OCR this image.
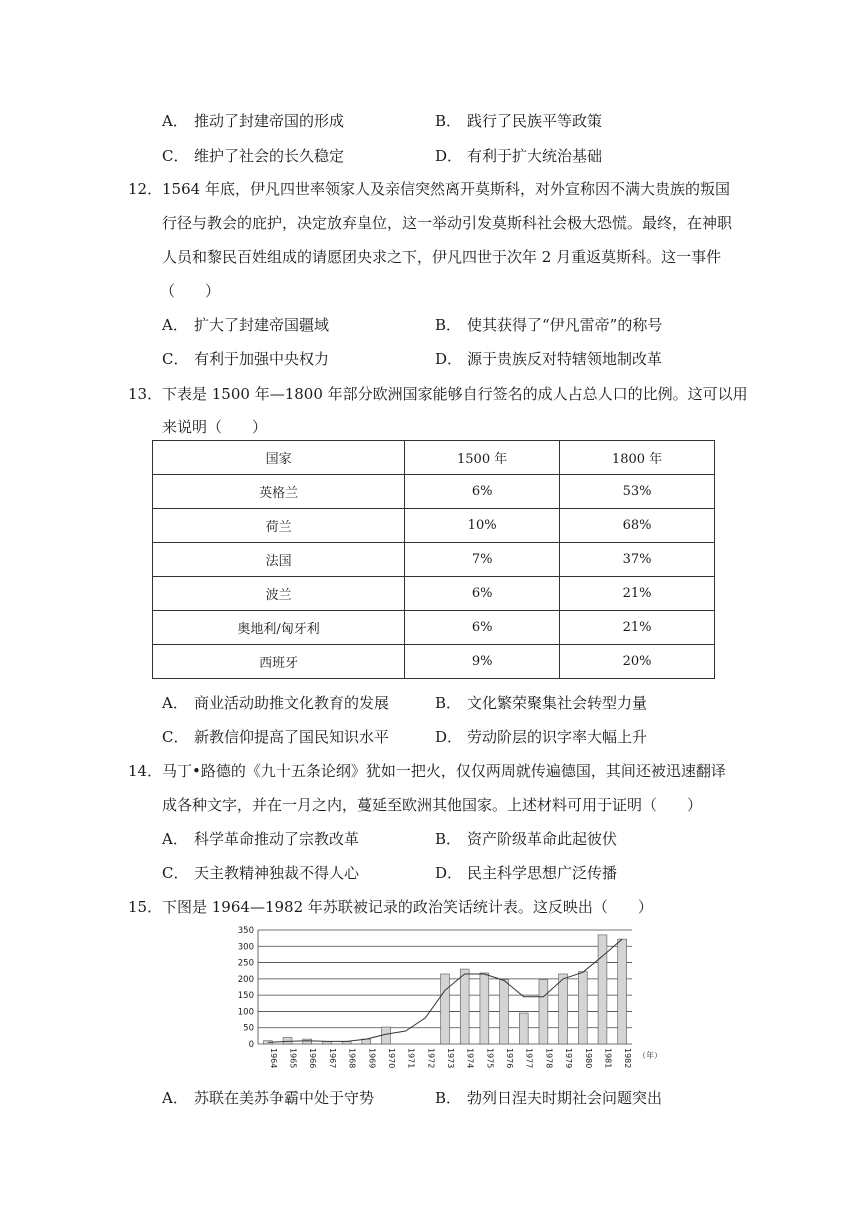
A． 推动了封建帝国的形成	B． 践行了民族平等政策
C． 维护了社会的长久稳定	D． 有利于扩大统治基础
12． 1564 年底，伊凡四世率领家人及亲信突然离开莫斯科，对外宣称因不满大贵族的叛国
行径与教会的庇护，决定放弃皇位，这一举动引发莫斯科社会极大恐慌。最终，在神职
人员和黎民百姓组成的请愿团央求之下，伊凡四世于次年 2 月重返莫斯科。这一事件
（　　）
A． 扩大了封建帝国疆域	B． 使其获得了“伊凡雷帝”的称号
C． 有利于加强中央权力	D． 源于贵族反对特辖领地制改革
13． 下表是 1500 年—1800 年部分欧洲国家能够自行签名的成人占总人口的比例。这可以用
来说明（　　）
国家	1500 年	1800 年
英格兰	6%	53%
荷兰	10%	68%
法国	7%	37%
波兰	6%	21%
奥地利/匈牙利	6%	21%
西班牙	9%	20%
A． 商业活动助推文化教育的发展	B． 文化繁荣聚集社会转型力量
C． 新教信仰提高了国民知识水平	D． 劳动阶层的识字率大幅上升
14． 马丁•路德的《九十五条论纲》犹如一把火，仅仅两周就传遍德国，其间还被迅速翻译
成各种文字，并在一月之内，蔓延至欧洲其他国家。上述材料可用于证明（　　）
A． 科学革命推动了宗教改革	B． 资产阶级革命此起彼伏
C． 天主教精神独裁不得人心	D． 民主科学思想广泛传播
15． 下图是 1964—1982 年苏联被记录的政治笑话统计表。这反映出（　　）
0
50
100
150
200
250
300
350
1964 1965 1966 1967 1968 1969 1970 1971 1972 1973 1974 1975 1976 1977 1978 1979 1980 1981 1982 （年）
A． 苏联在美苏争霸中处于守势	B． 勃列日涅夫时期社会问题突出
